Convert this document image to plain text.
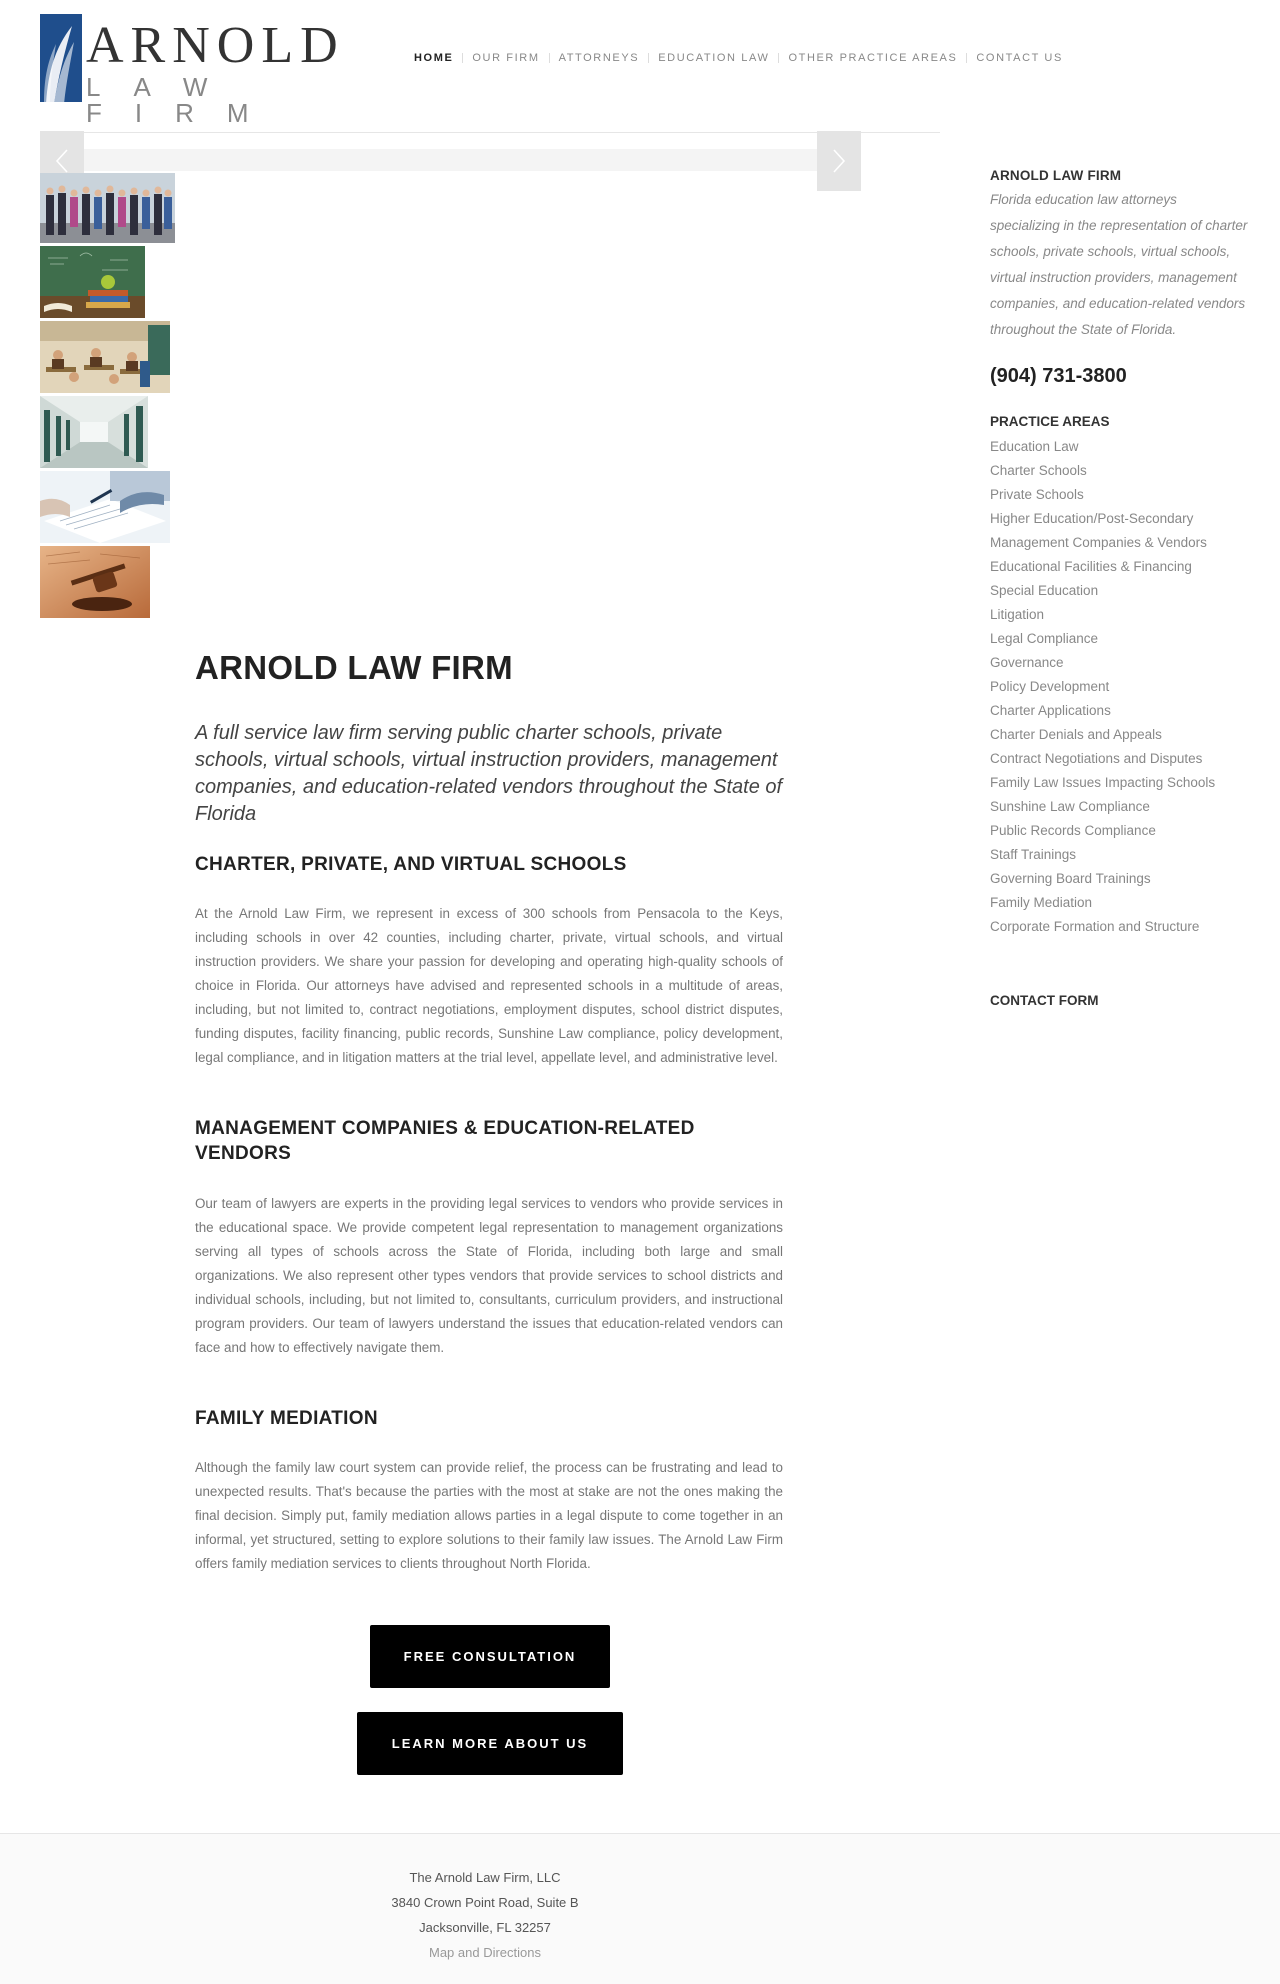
ARNOLD
LAW FIRM
HOME OUR FIRM ATTORNEYS EDUCATION LAW OTHER PRACTICE AREAS CONTACT US
ARNOLD LAW FIRM

A full service law firm serving public charter schools, private schools, virtual schools, virtual instruction providers, management companies, and education-related vendors throughout the State of Florida

CHARTER, PRIVATE, AND VIRTUAL SCHOOLS

At the Arnold Law Firm, we represent in excess of 300 schools from Pensacola to the Keys, including schools in over 42 counties, including charter, private, virtual schools, and virtual instruction providers. We share your passion for developing and operating high-quality schools of choice in Florida. Our attorneys have advised and represented schools in a multitude of areas, including, but not limited to, contract negotiations, employment disputes, school district disputes, funding disputes, facility financing, public records, Sunshine Law compliance, policy development, legal compliance, and in litigation matters at the trial level, appellate level, and administrative level.

MANAGEMENT COMPANIES & EDUCATION-RELATED VENDORS

Our team of lawyers are experts in the providing legal services to vendors who provide services in the educational space. We provide competent legal representation to management organizations serving all types of schools across the State of Florida, including both large and small organizations. We also represent other types vendors that provide services to school districts and individual schools, including, but not limited to, consultants, curriculum providers, and instructional program providers. Our team of lawyers understand the issues that education-related vendors can face and how to effectively navigate them.

FAMILY MEDIATION

Although the family law court system can provide relief, the process can be frustrating and lead to unexpected results. That's because the parties with the most at stake are not the ones making the final decision. Simply put, family mediation allows parties in a legal dispute to come together in an informal, yet structured, setting to explore solutions to their family law issues. The Arnold Law Firm offers family mediation services to clients throughout North Florida.

FREE CONSULTATION
LEARN MORE ABOUT US
ARNOLD LAW FIRM
Florida education law attorneys specializing in the representation of charter schools, private schools, virtual schools, virtual instruction providers, management companies, and education-related vendors throughout the State of Florida.
(904) 731-3800
PRACTICE AREAS
Education Law
Charter Schools
Private Schools
Higher Education/Post-Secondary
Management Companies & Vendors
Educational Facilities & Financing
Special Education
Litigation
Legal Compliance
Governance
Policy Development
Charter Applications
Charter Denials and Appeals
Contract Negotiations and Disputes
Family Law Issues Impacting Schools
Sunshine Law Compliance
Public Records Compliance
Staff Trainings
Governing Board Trainings
Family Mediation
Corporate Formation and Structure
CONTACT FORM
The Arnold Law Firm, LLC
3840 Crown Point Road, Suite B
Jacksonville, FL 32257
Map and Directions
